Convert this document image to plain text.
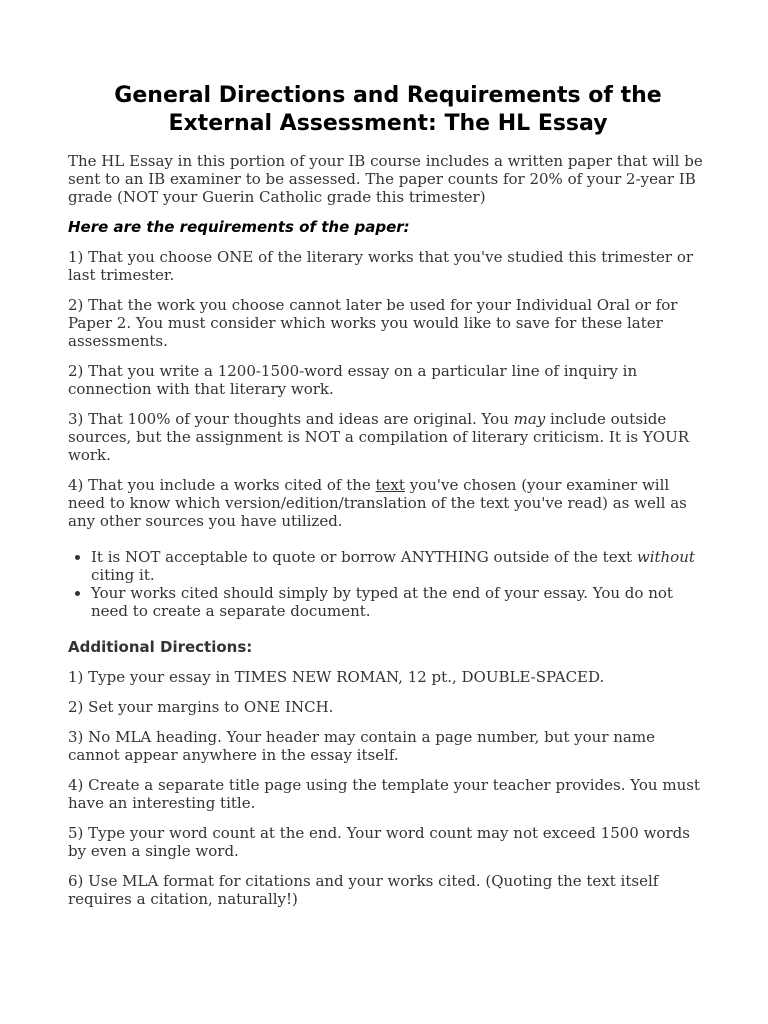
General Directions and Requirements of the
External Assessment: The HL Essay

The HL Essay in this portion of your IB course includes a written paper that will be sent to an IB examiner to be assessed. The paper counts for 20% of your 2-year IB grade (NOT your Guerin Catholic grade this trimester)

Here are the requirements of the paper:

1) That you choose ONE of the literary works that you've studied this trimester or last trimester.

2) That the work you choose cannot later be used for your Individual Oral or for Paper 2. You must consider which works you would like to save for these later assessments.

2) That you write a 1200-1500-word essay on a particular line of inquiry in connection with that literary work.

3) That 100% of your thoughts and ideas are original. You may include outside sources, but the assignment is NOT a compilation of literary criticism. It is YOUR work.

4) That you include a works cited of the text you've chosen (your examiner will need to know which version/edition/translation of the text you've read) as well as any other sources you have utilized.

• It is NOT acceptable to quote or borrow ANYTHING outside of the text without citing it.
• Your works cited should simply by typed at the end of your essay. You do not need to create a separate document.

Additional Directions:

1) Type your essay in TIMES NEW ROMAN, 12 pt., DOUBLE-SPACED.

2) Set your margins to ONE INCH.

3) No MLA heading. Your header may contain a page number, but your name cannot appear anywhere in the essay itself.

4) Create a separate title page using the template your teacher provides. You must have an interesting title.

5) Type your word count at the end. Your word count may not exceed 1500 words by even a single word.

6) Use MLA format for citations and your works cited. (Quoting the text itself requires a citation, naturally!)
